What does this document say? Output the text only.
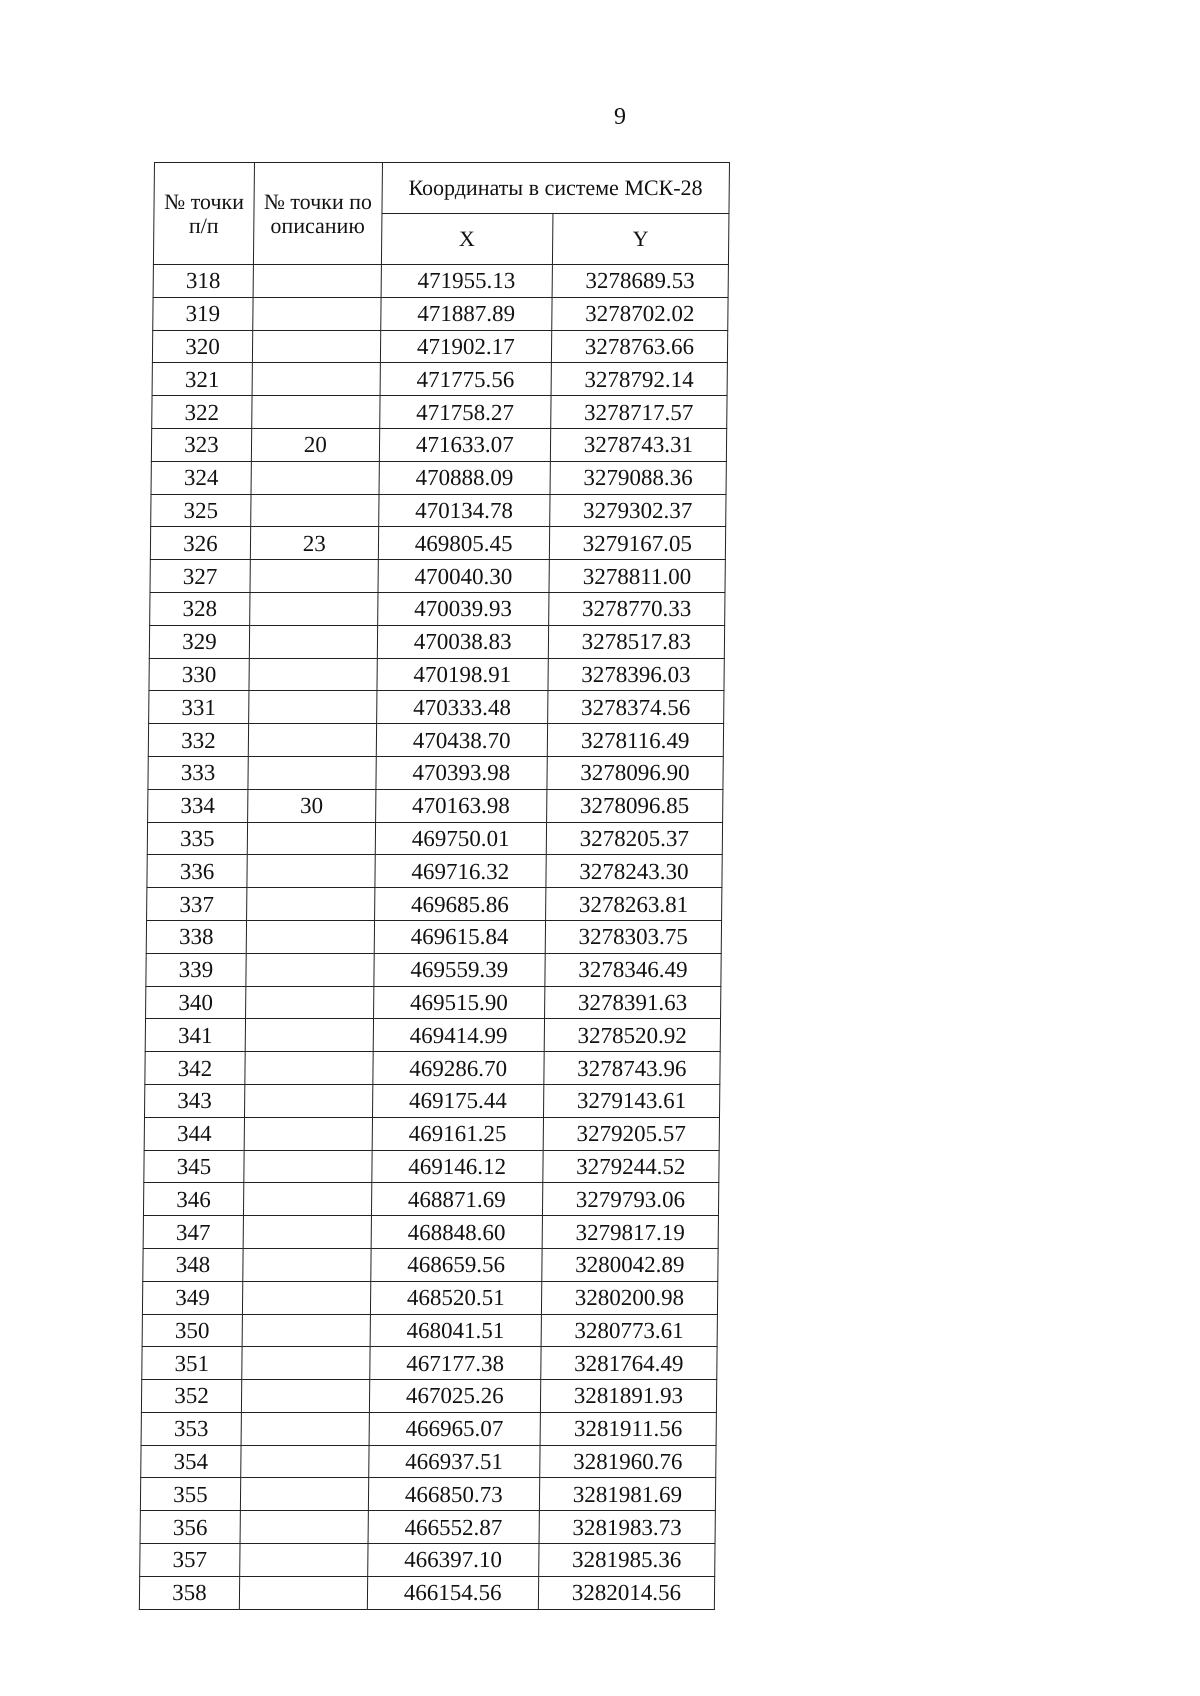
9
№ точки п/п	№ точки по описанию	Координаты в системе МСК-28	
		X	Y
318		471955.13	3278689.53
319		471887.89	3278702.02
320		471902.17	3278763.66
321		471775.56	3278792.14
322		471758.27	3278717.57
323	20	471633.07	3278743.31
324		470888.09	3279088.36
325		470134.78	3279302.37
326	23	469805.45	3279167.05
327		470040.30	3278811.00
328		470039.93	3278770.33
329		470038.83	3278517.83
330		470198.91	3278396.03
331		470333.48	3278374.56
332		470438.70	3278116.49
333		470393.98	3278096.90
334	30	470163.98	3278096.85
335		469750.01	3278205.37
336		469716.32	3278243.30
337		469685.86	3278263.81
338		469615.84	3278303.75
339		469559.39	3278346.49
340		469515.90	3278391.63
341		469414.99	3278520.92
342		469286.70	3278743.96
343		469175.44	3279143.61
344		469161.25	3279205.57
345		469146.12	3279244.52
346		468871.69	3279793.06
347		468848.60	3279817.19
348		468659.56	3280042.89
349		468520.51	3280200.98
350		468041.51	3280773.61
351		467177.38	3281764.49
352		467025.26	3281891.93
353		466965.07	3281911.56
354		466937.51	3281960.76
355		466850.73	3281981.69
356		466552.87	3281983.73
357		466397.10	3281985.36
358		466154.56	3282014.56
